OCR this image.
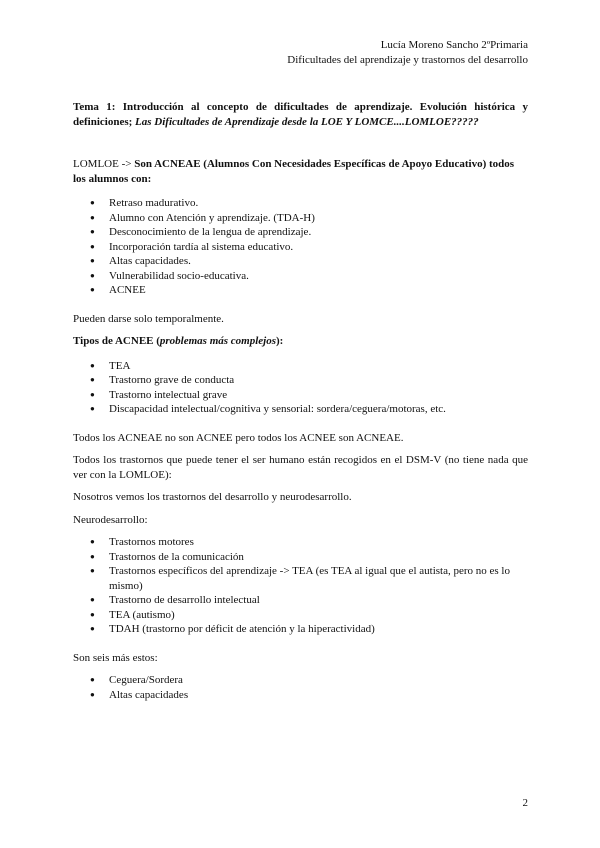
Lucía Moreno Sancho 2ºPrimaria
Dificultades del aprendizaje y trastornos del desarrollo

Tema 1: Introducción al concepto de dificultades de aprendizaje. Evolución histórica y definiciones; Las Dificultades de Aprendizaje desde la LOE Y LOMCE....LOMLOE?????

LOMLOE -> Son ACNEAE (Alumnos Con Necesidades Específicas de Apoyo Educativo) todos los alumnos con:

● Retraso madurativo.
● Alumno con Atención y aprendizaje. (TDA-H)
● Desconocimiento de la lengua de aprendizaje.
● Incorporación tardía al sistema educativo.
● Altas capacidades.
● Vulnerabilidad socio-educativa.
● ACNEE

Pueden darse solo temporalmente.

Tipos de ACNEE (problemas más complejos):

● TEA
● Trastorno grave de conducta
● Trastorno intelectual grave
● Discapacidad intelectual/cognitiva y sensorial: sordera/ceguera/motoras, etc.

Todos los ACNEAE no son ACNEE pero todos los ACNEE son ACNEAE.

Todos los trastornos que puede tener el ser humano están recogidos en el DSM-V (no tiene nada que ver con la LOMLOE):

Nosotros vemos los trastornos del desarrollo y neurodesarrollo.

Neurodesarrollo:

● Trastornos motores
● Trastornos de la comunicación
● Trastornos específicos del aprendizaje -> TEA (es TEA al igual que el autista, pero no es lo mismo)
● Trastorno de desarrollo intelectual
● TEA (autismo)
● TDAH (trastorno por déficit de atención y la hiperactividad)

Son seis más estos:

● Ceguera/Sordera
● Altas capacidades
2
